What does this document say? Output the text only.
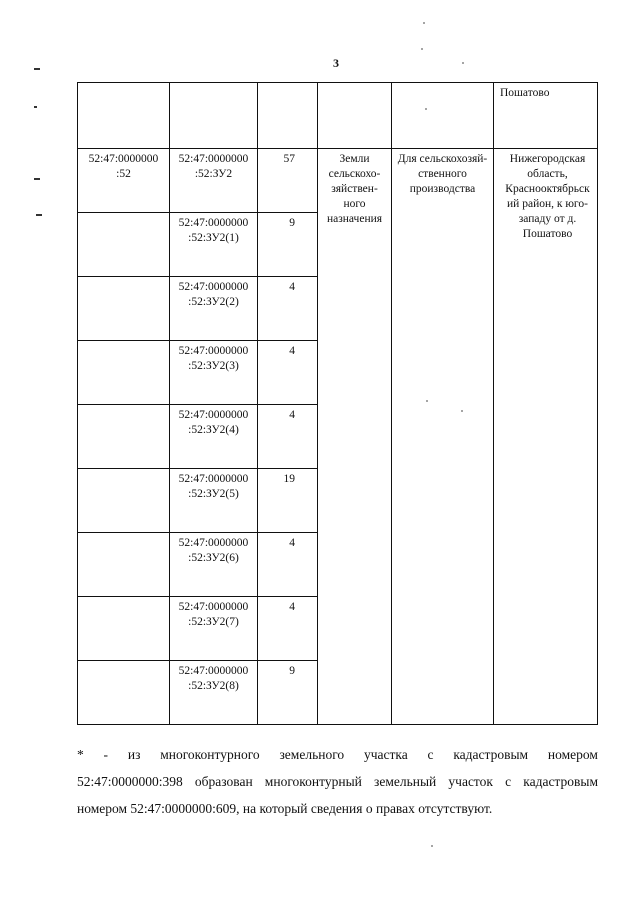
3
					Пошатово
52:47:0000000 :52	52:47:0000000 :52:ЗУ2	57	Земли сельскохо-зяйствен-ного назначения	Для сельскохозяй-ственного производства	Нижегородская область, Краснооктябрьск ий район, к юго-западу от д. Пошатово
	52:47:0000000 :52:ЗУ2(1)	9			
	52:47:0000000 :52:ЗУ2(2)	4			
	52:47:0000000 :52:ЗУ2(3)	4			
	52:47:0000000 :52:ЗУ2(4)	4			
	52:47:0000000 :52:ЗУ2(5)	19			
	52:47:0000000 :52:ЗУ2(6)	4			
	52:47:0000000 :52:ЗУ2(7)	4			
	52:47:0000000 :52:ЗУ2(8)	9			
* - из многоконтурного земельного участка с кадастровым номером

52:47:0000000:398 образован многоконтурный земельный участок с кадастровым

номером 52:47:0000000:609, на который сведения о правах отсутствуют.
